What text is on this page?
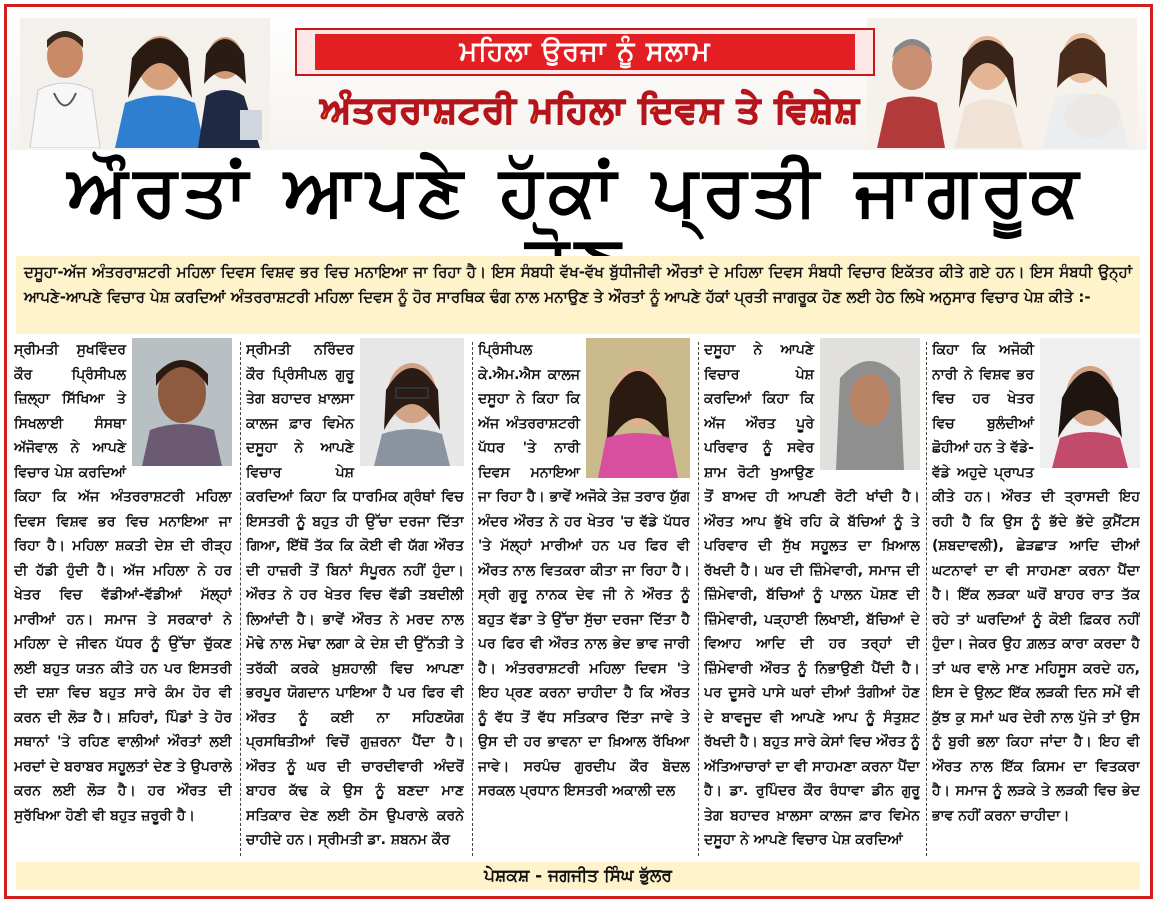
ਮਹਿਲਾ ਉਰਜਾ ਨੂੰ ਸਲਾਮ
ਅੰਤਰਰਾਸ਼ਟਰੀ ਮਹਿਲਾ ਦਿਵਸ ਤੇ ਵਿਸ਼ੇਸ਼
ਔਰਤਾਂ ਆਪਣੇ ਹੱਕਾਂ ਪ੍ਰਤੀ ਜਾਗਰੂਕ
ਦਸੂਹਾ-ਅੱਜ ਅੰਤਰਰਾਸ਼ਟਰੀ ਮਹਿਲਾ ਦਿਵਸ ਵਿਸ਼ਵ ਭਰ ਵਿਚ ਮਨਾਇਆ ਜਾ ਰਿਹਾ ਹੈ। ਇਸ ਸੰਬਧੀ ਵੱਖ-ਵੱਖ ਬੁੱਧੀਜੀਵੀ ਔਰਤਾਂ ਦੇ ਮਹਿਲਾ ਦਿਵਸ ਸੰਬਧੀ ਵਿਚਾਰ ਇਕੱਤਰ ਕੀਤੇ ਗਏ ਹਨ। ਇਸ ਸੰਬਧੀ ਉਨ੍ਹਾਂ ਆਪਣੇ-ਆਪਣੇ ਵਿਚਾਰ ਪੇਸ਼ ਕਰਦਿਆਂ ਅੰਤਰਰਾਸ਼ਟਰੀ ਮਹਿਲਾ ਦਿਵਸ ਨੂੰ ਹੋਰ ਸਾਰਥਿਕ ਢੰਗ ਨਾਲ ਮਨਾਉਣ ਤੇ ਔਰਤਾਂ ਨੂੰ ਆਪਣੇ ਹੱਕਾਂ ਪ੍ਰਤੀ ਜਾਗਰੂਕ ਹੋਣ ਲਈ ਹੇਠ ਲਿਖੇ ਅਨੁਸਾਰ ਵਿਚਾਰ ਪੇਸ਼ ਕੀਤੇ :-
ਸ੍ਰੀਮਤੀ ਸੁਖਵਿੰਦਰ ਕੌਰ ਪ੍ਰਿੰਸੀਪਲ ਜ਼ਿਲ੍ਹਾ ਸਿੱਖਿਆ ਤੇ ਸਿਖਲਾਈ ਸੰਸਥਾ ਅੱਜੋਵਾਲ ਨੇ ਆਪਣੇ ਵਿਚਾਰ ਪੇਸ਼ ਕਰਦਿਆਂ ਕਿਹਾ ਕਿ ਅੱਜ ਅੰਤਰਰਾਸ਼ਟਰੀ ਮਹਿਲਾ ਦਿਵਸ ਵਿਸ਼ਵ ਭਰ ਵਿਚ ਮਨਾਇਆ ਜਾ ਰਿਹਾ ਹੈ। ਮਹਿਲਾ ਸ਼ਕਤੀ ਦੇਸ਼ ਦੀ ਰੀੜ੍ਹ ਦੀ ਹੱਡੀ ਹੁੰਦੀ ਹੈ। ਅੱਜ ਮਹਿਲਾ ਨੇ ਹਰ ਖੇਤਰ ਵਿਚ ਵੱਡੀਆਂ-ਵੱਡੀਆਂ ਮੱਲ੍ਹਾਂ ਮਾਰੀਆਂ ਹਨ। ਸਮਾਜ ਤੇ ਸਰਕਾਰਾਂ ਨੇ ਮਹਿਲਾ ਦੇ ਜੀਵਨ ਪੱਧਰ ਨੂੰ ਉੱਚਾ ਚੁੱਕਣ ਲਈ ਬਹੁਤ ਯਤਨ ਕੀਤੇ ਹਨ ਪਰ ਇਸਤਰੀ ਦੀ ਦਸ਼ਾ ਵਿਚ ਬਹੁਤ ਸਾਰੇ ਕੰਮ ਹੋਰ ਵੀ ਕਰਨ ਦੀ ਲੋੜ ਹੈ। ਸ਼ਹਿਰਾਂ, ਪਿੰਡਾਂ ਤੇ ਹੋਰ ਸਥਾਨਾਂ 'ਤੇ ਰਹਿਣ ਵਾਲੀਆਂ ਔਰਤਾਂ ਲਈ ਮਰਦਾਂ ਦੇ ਬਰਾਬਰ ਸਹੂਲਤਾਂ ਦੇਣ ਤੇ ਉਪਰਾਲੇ ਕਰਨ ਲਈ ਲੋੜ ਹੈ। ਹਰ ਔਰਤ ਦੀ ਸੁਰੱਖਿਆ ਹੋਣੀ ਵੀ ਬਹੁਤ ਜ਼ਰੂਰੀ ਹੈ।
ਸ੍ਰੀਮਤੀ ਨਰਿੰਦਰ ਕੌਰ ਪ੍ਰਿੰਸੀਪਲ ਗੁਰੂ ਤੇਗ ਬਹਾਦਰ ਖ਼ਾਲਸਾ ਕਾਲਜ ਫ਼ਾਰ ਵਿਮੇਨ ਦਸੂਹਾ ਨੇ ਆਪਣੇ ਵਿਚਾਰ ਪੇਸ਼ ਕਰਦਿਆਂ ਕਿਹਾ ਕਿ ਧਾਰਮਿਕ ਗ੍ਰੰਥਾਂ ਵਿਚ ਇਸਤਰੀ ਨੂੰ ਬਹੁਤ ਹੀ ਉੱਚਾ ਦਰਜਾ ਦਿੱਤਾ ਗਿਆ, ਇੱਥੋਂ ਤੱਕ ਕਿ ਕੋਈ ਵੀ ਯੱਗ ਔਰਤ ਦੀ ਹਾਜ਼ਰੀ ਤੋਂ ਬਿਨਾਂ ਸੰਪੂਰਨ ਨਹੀਂ ਹੁੰਦਾ। ਔਰਤ ਨੇ ਹਰ ਖੇਤਰ ਵਿਚ ਵੱਡੀ ਤਬਦੀਲੀ ਲਿਆਂਦੀ ਹੈ। ਭਾਵੇਂ ਔਰਤ ਨੇ ਮਰਦ ਨਾਲ ਮੋਢੇ ਨਾਲ ਮੋਢਾ ਲਗਾ ਕੇ ਦੇਸ਼ ਦੀ ਉੱਨਤੀ ਤੇ ਤਰੱਕੀ ਕਰਕੇ ਖ਼ੁਸ਼ਹਾਲੀ ਵਿਚ ਆਪਣਾ ਭਰਪੂਰ ਯੋਗਦਾਨ ਪਾਇਆ ਹੈ ਪਰ ਫਿਰ ਵੀ ਔਰਤ ਨੂੰ ਕਈ ਨਾ ਸਹਿਣਯੋਗ ਪ੍ਰਸਥਿਤੀਆਂ ਵਿਚੋਂ ਗੁਜ਼ਰਨਾ ਪੈਂਦਾ ਹੈ। ਔਰਤ ਨੂੰ ਘਰ ਦੀ ਚਾਰਦੀਵਾਰੀ ਅੰਦਰੋਂ ਬਾਹਰ ਕੱਢ ਕੇ ਉਸ ਨੂੰ ਬਣਦਾ ਮਾਣ ਸਤਿਕਾਰ ਦੇਣ ਲਈ ਠੋਸ ਉਪਰਾਲੇ ਕਰਨੇ ਚਾਹੀਦੇ ਹਨ। ਸ੍ਰੀਮਤੀ ਡਾ. ਸ਼ਬਨਮ ਕੌਰ
ਪ੍ਰਿੰਸੀਪਲ ਕੇ.ਐਮ.ਐਸ ਕਾਲਜ ਦਸੂਹਾ ਨੇ ਕਿਹਾ ਕਿ ਅੱਜ ਅੰਤਰਰਾਸ਼ਟਰੀ ਪੱਧਰ 'ਤੇ ਨਾਰੀ ਦਿਵਸ ਮਨਾਇਆ ਜਾ ਰਿਹਾ ਹੈ। ਭਾਵੇਂ ਅਜੋਕੇ ਤੇਜ਼ ਤਰਾਰ ਯੁੱਗ ਅੰਦਰ ਔਰਤ ਨੇ ਹਰ ਖੇਤਰ 'ਚ ਵੱਡੇ ਪੱਧਰ 'ਤੇ ਮੱਲ੍ਹਾਂ ਮਾਰੀਆਂ ਹਨ ਪਰ ਫਿਰ ਵੀ ਔਰਤ ਨਾਲ ਵਿਤਕਰਾ ਕੀਤਾ ਜਾ ਰਿਹਾ ਹੈ। ਸ੍ਰੀ ਗੁਰੂ ਨਾਨਕ ਦੇਵ ਜੀ ਨੇ ਔਰਤ ਨੂੰ ਬਹੁਤ ਵੱਡਾ ਤੇ ਉੱਚਾ ਸੁੱਚਾ ਦਰਜਾ ਦਿੱਤਾ ਹੈ ਪਰ ਫਿਰ ਵੀ ਔਰਤ ਨਾਲ ਭੇਦ ਭਾਵ ਜਾਰੀ ਹੈ। ਅੰਤਰਰਾਸ਼ਟਰੀ ਮਹਿਲਾ ਦਿਵਸ 'ਤੇ ਇਹ ਪ੍ਰਣ ਕਰਨਾ ਚਾਹੀਦਾ ਹੈ ਕਿ ਔਰਤ ਨੂੰ ਵੱਧ ਤੋਂ ਵੱਧ ਸਤਿਕਾਰ ਦਿੱਤਾ ਜਾਵੇ ਤੇ ਉਸ ਦੀ ਹਰ ਭਾਵਨਾ ਦਾ ਖ਼ਿਆਲ ਰੱਖਿਆ ਜਾਵੇ। ਸਰਪੰਚ ਗੁਰਦੀਪ ਕੌਰ ਬੋਦਲ ਸਰਕਲ ਪ੍ਰਧਾਨ ਇਸਤਰੀ ਅਕਾਲੀ ਦਲ
ਦਸੂਹਾ ਨੇ ਆਪਣੇ ਵਿਚਾਰ ਪੇਸ਼ ਕਰਦਿਆਂ ਕਿਹਾ ਕਿ ਅੱਜ ਔਰਤ ਪੂਰੇ ਪਰਿਵਾਰ ਨੂੰ ਸਵੇਰ ਸ਼ਾਮ ਰੋਟੀ ਖੁਆਉਣ ਤੋਂ ਬਾਅਦ ਹੀ ਆਪਣੀ ਰੋਟੀ ਖਾਂਦੀ ਹੈ। ਔਰਤ ਆਪ ਭੁੱਖੇ ਰਹਿ ਕੇ ਬੱਚਿਆਂ ਨੂੰ ਤੇ ਪਰਿਵਾਰ ਦੀ ਸੁੱਖ ਸਹੂਲਤ ਦਾ ਖ਼ਿਆਲ ਰੱਖਦੀ ਹੈ। ਘਰ ਦੀ ਜ਼ਿੰਮੇਵਾਰੀ, ਸਮਾਜ ਦੀ ਜ਼ਿੰਮੇਵਾਰੀ, ਬੱਚਿਆਂ ਨੂੰ ਪਾਲਨ ਪੋਸ਼ਣ ਦੀ ਜ਼ਿੰਮੇਵਾਰੀ, ਪੜ੍ਹਾਈ ਲਿਖਾਈ, ਬੱਚਿਆਂ ਦੇ ਵਿਆਹ ਆਦਿ ਦੀ ਹਰ ਤਰ੍ਹਾਂ ਦੀ ਜ਼ਿੰਮੇਵਾਰੀ ਔਰਤ ਨੂੰ ਨਿਭਾਉਣੀ ਪੈਂਦੀ ਹੈ। ਪਰ ਦੂਸਰੇ ਪਾਸੇ ਘਰਾਂ ਦੀਆਂ ਤੰਗੀਆਂ ਹੋਣ ਦੇ ਬਾਵਜੂਦ ਵੀ ਆਪਣੇ ਆਪ ਨੂੰ ਸੰਤੁਸ਼ਟ ਰੱਖਦੀ ਹੈ। ਬਹੁਤ ਸਾਰੇ ਕੇਸਾਂ ਵਿਚ ਔਰਤ ਨੂੰ ਅੱਤਿਆਚਾਰਾਂ ਦਾ ਵੀ ਸਾਹਮਣਾ ਕਰਨਾ ਪੈਂਦਾ ਹੈ। ਡਾ. ਰੁਪਿੰਦਰ ਕੌਰ ਰੰਧਾਵਾ ਡੀਨ ਗੁਰੂ ਤੇਗ ਬਹਾਦਰ ਖ਼ਾਲਸਾ ਕਾਲਜ ਫ਼ਾਰ ਵਿਮੇਨ ਦਸੂਹਾ ਨੇ ਆਪਣੇ ਵਿਚਾਰ ਪੇਸ਼ ਕਰਦਿਆਂ
ਕਿਹਾ ਕਿ ਅਜੋਕੀ ਨਾਰੀ ਨੇ ਵਿਸ਼ਵ ਭਰ ਵਿਚ ਹਰ ਖੇਤਰ ਵਿਚ ਬੁਲੰਦੀਆਂ ਛੋਹੀਆਂ ਹਨ ਤੇ ਵੱਡੇ-ਵੱਡੇ ਅਹੁਦੇ ਪ੍ਰਾਪਤ ਕੀਤੇ ਹਨ। ਔਰਤ ਦੀ ਤ੍ਰਾਸਦੀ ਇਹ ਰਹੀ ਹੈ ਕਿ ਉਸ ਨੂੰ ਭੱਦੇ ਭੱਦੇ ਕੁਮੈਂਟਸ (ਸ਼ਬਦਾਵਲੀ), ਛੇੜਛਾੜ ਆਦਿ ਦੀਆਂ ਘਟਨਾਵਾਂ ਦਾ ਵੀ ਸਾਹਮਣਾ ਕਰਨਾ ਪੈਂਦਾ ਹੈ। ਇੱਕ ਲੜਕਾ ਘਰੋਂ ਬਾਹਰ ਰਾਤ ਤੱਕ ਰਹੇ ਤਾਂ ਘਰਦਿਆਂ ਨੂੰ ਕੋਈ ਫ਼ਿਕਰ ਨਹੀਂ ਹੁੰਦਾ। ਜੇਕਰ ਉਹ ਗ਼ਲਤ ਕਾਰਾ ਕਰਦਾ ਹੈ ਤਾਂ ਘਰ ਵਾਲੇ ਮਾਣ ਮਹਿਸੂਸ ਕਰਦੇ ਹਨ, ਇਸ ਦੇ ਉਲਟ ਇੱਕ ਲੜਕੀ ਦਿਨ ਸਮੇਂ ਵੀ ਕੁੱਝ ਕੁ ਸਮਾਂ ਘਰ ਦੇਰੀ ਨਾਲ ਪੁੱਜੇ ਤਾਂ ਉਸ ਨੂੰ ਬੁਰੀ ਭਲਾ ਕਿਹਾ ਜਾਂਦਾ ਹੈ। ਇਹ ਵੀ ਔਰਤ ਨਾਲ ਇੱਕ ਕਿਸਮ ਦਾ ਵਿਤਕਰਾ ਹੈ। ਸਮਾਜ ਨੂੰ ਲੜਕੇ ਤੇ ਲੜਕੀ ਵਿਚ ਭੇਦ ਭਾਵ ਨਹੀਂ ਕਰਨਾ ਚਾਹੀਦਾ।
ਪੇਸ਼ਕਸ਼ - ਜਗਜੀਤ ਸਿੰਘ ਭੁੱਲਰ
